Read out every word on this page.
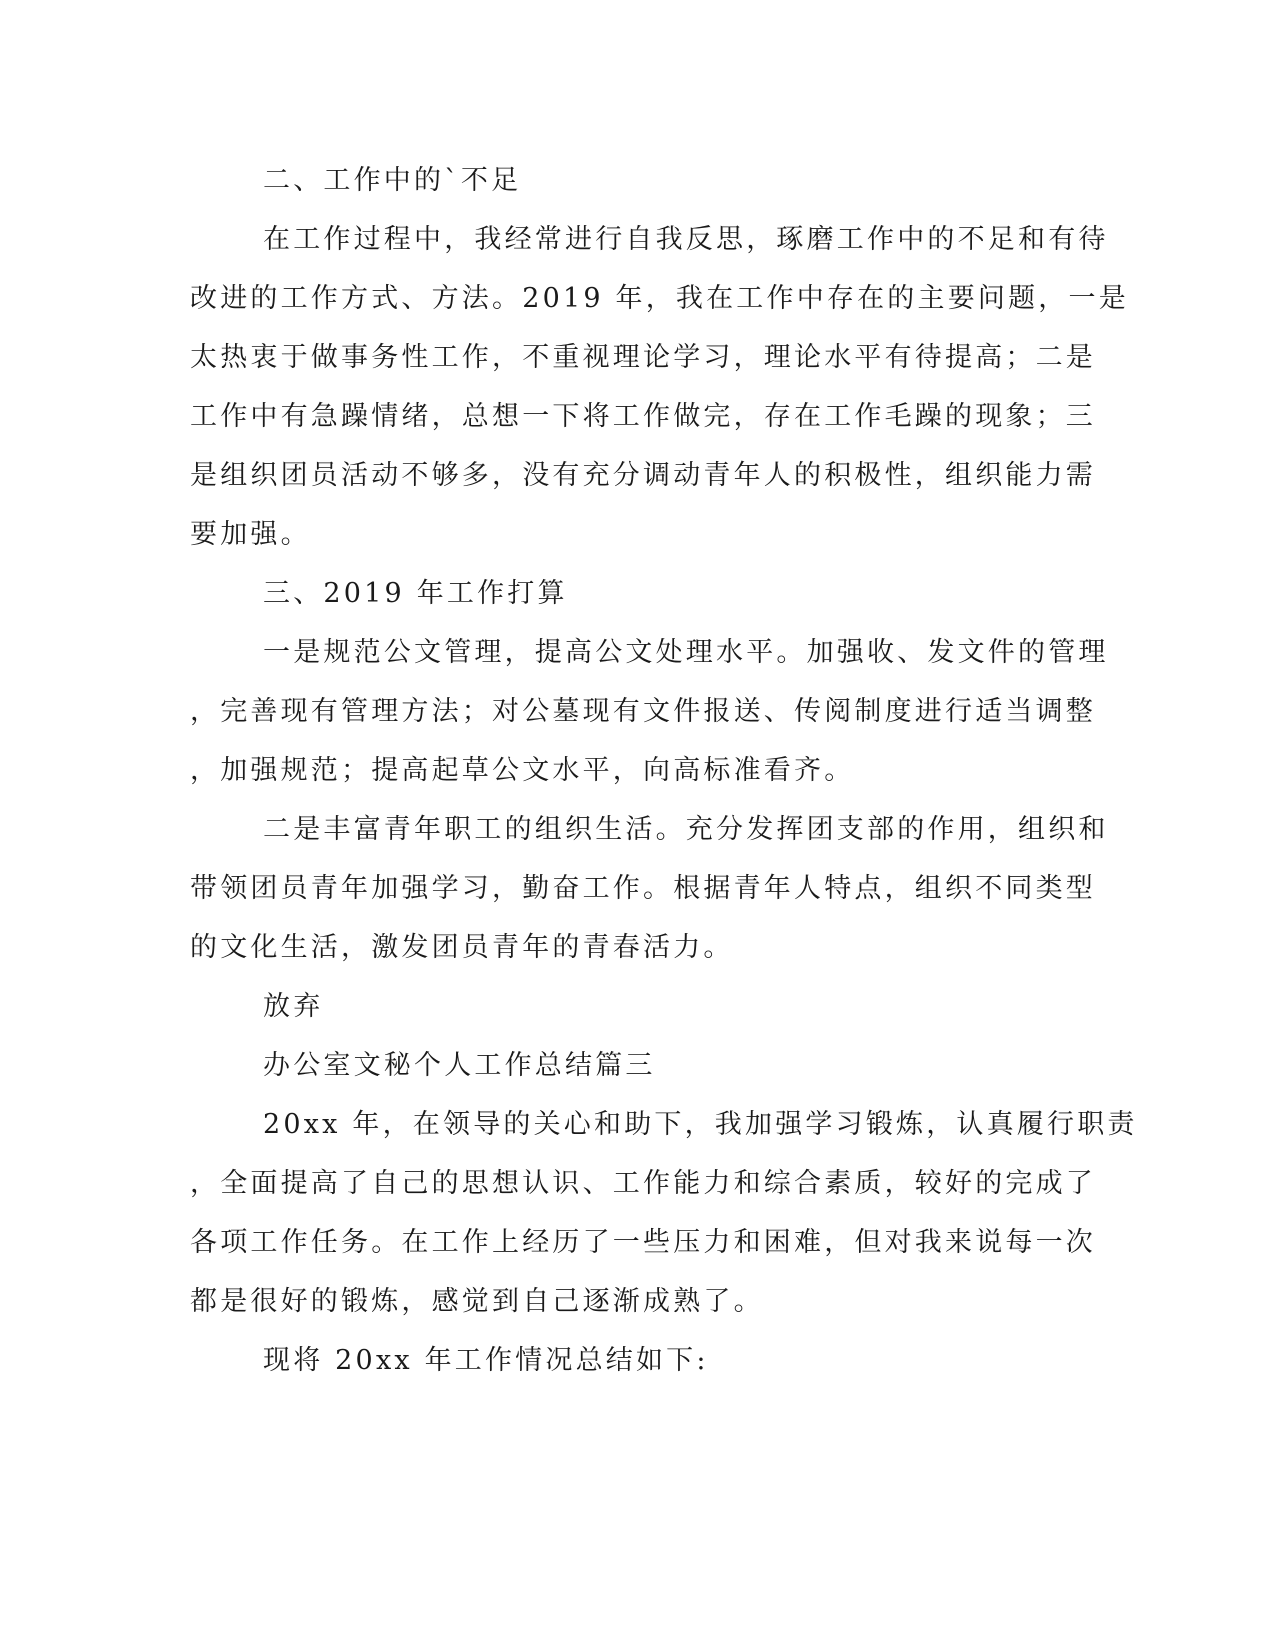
二、工作中的`不足
在工作过程中，我经常进行自我反思，琢磨工作中的不足和有待
改进的工作方式、方法。2019 年，我在工作中存在的主要问题，一是
太热衷于做事务性工作，不重视理论学习，理论水平有待提高；二是
工作中有急躁情绪，总想一下将工作做完，存在工作毛躁的现象；三
是组织团员活动不够多，没有充分调动青年人的积极性，组织能力需
要加强。
三、2019 年工作打算
一是规范公文管理，提高公文处理水平。加强收、发文件的管理
，完善现有管理方法；对公墓现有文件报送、传阅制度进行适当调整
，加强规范；提高起草公文水平，向高标准看齐。
二是丰富青年职工的组织生活。充分发挥团支部的作用，组织和
带领团员青年加强学习，勤奋工作。根据青年人特点，组织不同类型
的文化生活，激发团员青年的青春活力。
放弃
办公室文秘个人工作总结篇三
20xx 年，在领导的关心和助下，我加强学习锻炼，认真履行职责
，全面提高了自己的思想认识、工作能力和综合素质，较好的完成了
各项工作任务。在工作上经历了一些压力和困难，但对我来说每一次
都是很好的锻炼，感觉到自己逐渐成熟了。
现将 20xx 年工作情况总结如下:
